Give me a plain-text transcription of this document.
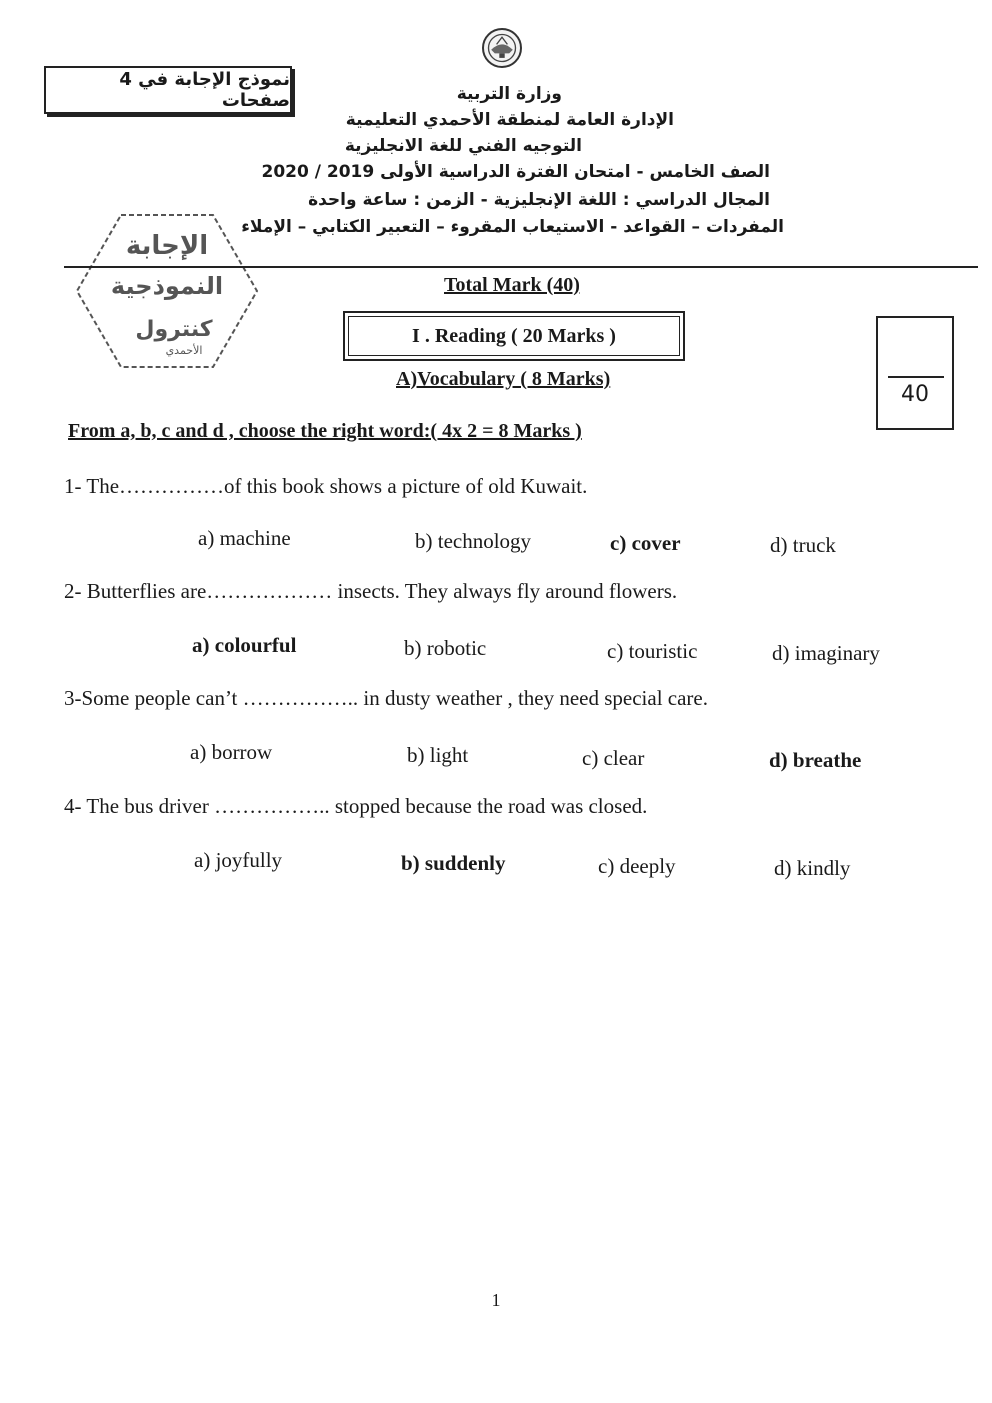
نموذج الإجابة في 4 صفحات	وزارة التربية
الإدارة العامة لمنطقة الأحمدي التعليمية
التوجيه الفني للغة الانجليزية
الصف الخامس - امتحان الفترة الدراسية الأولى 2019 / 2020
المجال الدراسي : اللغة الإنجليزية - الزمن : ساعة واحدة
المفردات – القواعد - الاستيعاب المقروء – التعبير الكتابي – الإملاء
الإجابة
النموذجية
كنترول
الأحمدي
Total Mark (40)
I . Reading ( 20 Marks )
A)Vocabulary ( 8 Marks)
40
From a, b, c and d , choose the right word:( 4x 2 = 8 Marks )
1- The……………of this book shows a picture of old Kuwait.
a) machine	b) technology	c) cover	d) truck
2- Butterflies are……………… insects. They always fly around flowers.
a) colourful	b) robotic	c) touristic	d) imaginary
3-Some people can’t …………….. in dusty weather , they need special care.
a) borrow	b) light	c) clear	d) breathe
4- The bus driver …………….. stopped because the road was closed.
a) joyfully	b) suddenly	c) deeply	d) kindly
1
